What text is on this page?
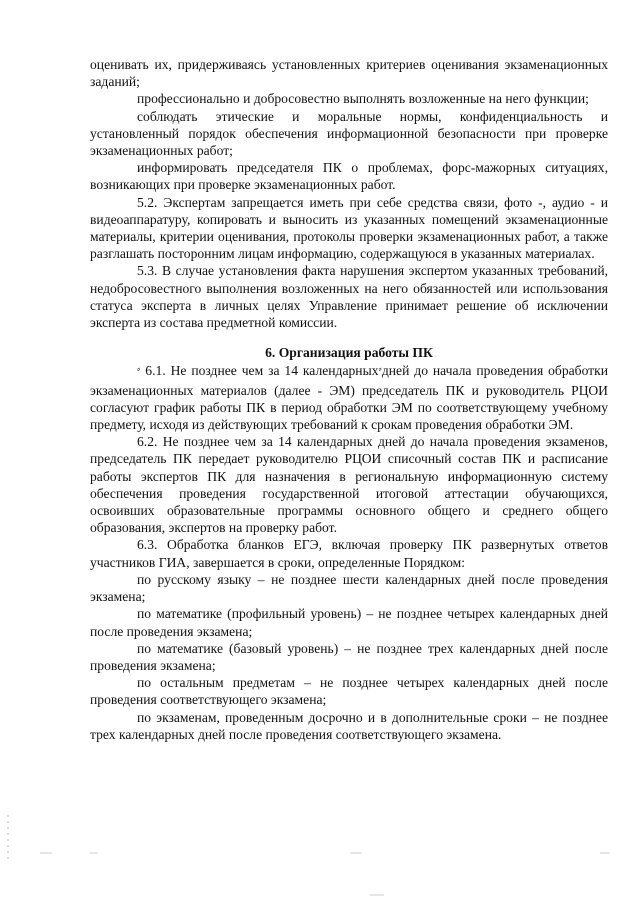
оценивать их, придерживаясь установленных критериев оценивания экзаменационных заданий;

профессионально и добросовестно выполнять возложенные на него функции;

соблюдать этические и моральные нормы, конфиденциальность и установленный порядок обеспечения информационной безопасности при проверке экзаменационных работ;

информировать председателя ПК о проблемах, форс-мажорных ситуациях, возникающих при проверке экзаменационных работ.

5.2. Экспертам запрещается иметь при себе средства связи, фото -, аудио - и видеоаппаратуру, копировать и выносить из указанных помещений экзаменационные материалы, критерии оценивания, протоколы проверки экзаменационных работ, а также разглашать посторонним лицам информацию, содержащуюся в указанных материалах.

5.3. В случае установления факта нарушения экспертом указанных требований, недобросовестного выполнения возложенных на него обязанностей или использования статуса эксперта в личных целях Управление принимает решение об исключении эксперта из состава предметной комиссии.

6. Организация работы ПК

⸗ 6.1. Не позднее чем за 14 календарных⸗дней до начала проведения обработки экзаменационных материалов (далее - ЭМ) председатель ПК и руководитель РЦОИ согласуют график работы ПК в период обработки ЭМ по соответствующему учебному предмету, исходя из действующих требований к срокам проведения обработки ЭМ.

6.2. Не позднее чем за 14 календарных дней до начала проведения экзаменов, председатель ПК передает руководителю РЦОИ списочный состав ПК и расписание работы экспертов ПК для назначения в региональную информационную систему обеспечения проведения государственной итоговой аттестации обучающихся, освоивших образовательные программы основного общего и среднего общего образования, экспертов на проверку работ.

6.3. Обработка бланков ЕГЭ, включая проверку ПК развернутых ответов участников ГИА, завершается в сроки, определенные Порядком:

по русскому языку – не позднее шести календарных дней после проведения экзамена;

по математике (профильный уровень) – не позднее четырех календарных дней после проведения экзамена;

по математике (базовый уровень) – не позднее трех календарных дней после проведения экзамена;

по остальным предметам – не позднее четырех календарных дней после проведения соответствующего экзамена;

по экзаменам, проведенным досрочно и в дополнительные сроки – не позднее трех календарных дней после проведения соответствующего экзамена.
